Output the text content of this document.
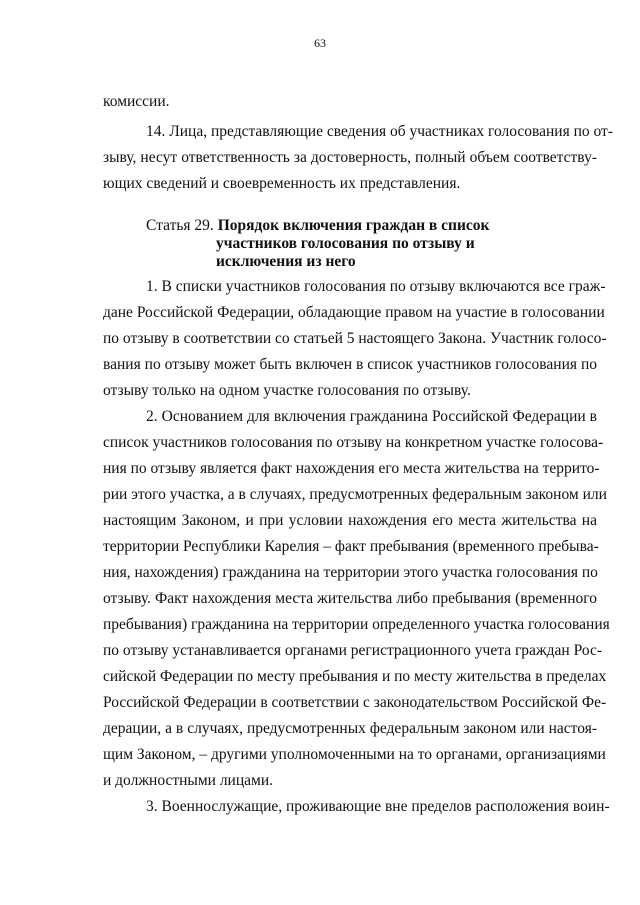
63
комиссии.
14. Лица, представляющие сведения об участниках голосования по от-
зыву, несут ответственность за достоверность, полный объем соответству-
ющих сведений и своевременность их представления.
Статья 29. Порядок включения граждан в список
участников голосования по отзыву и
исключения из него
1. В списки участников голосования по отзыву включаются все граж-
дане Российской Федерации, обладающие правом на участие в голосовании
по отзыву в соответствии со статьей 5 настоящего Закона. Участник голосо-
вания по отзыву может быть включен в список участников голосования по
отзыву только на одном участке голосования по отзыву.
2. Основанием для включения гражданина Российской Федерации в
список участников голосования по отзыву на конкретном участке голосова-
ния по отзыву является факт нахождения его места жительства на террито-
рии этого участка, а в случаях, предусмотренных федеральным законом или
настоящим Законом, и при условии нахождения его места жительства на
территории Республики Карелия – факт пребывания (временного пребыва-
ния, нахождения) гражданина на территории этого участка голосования по
отзыву. Факт нахождения места жительства либо пребывания (временного
пребывания) гражданина на территории определенного участка голосования
по отзыву устанавливается органами регистрационного учета граждан Рос-
сийской Федерации по месту пребывания и по месту жительства в пределах
Российской Федерации в соответствии с законодательством Российской Фе-
дерации, а в случаях, предусмотренных федеральным законом или настоя-
щим Законом, – другими уполномоченными на то органами, организациями
и должностными лицами.
3. Военнослужащие, проживающие вне пределов расположения воин-
